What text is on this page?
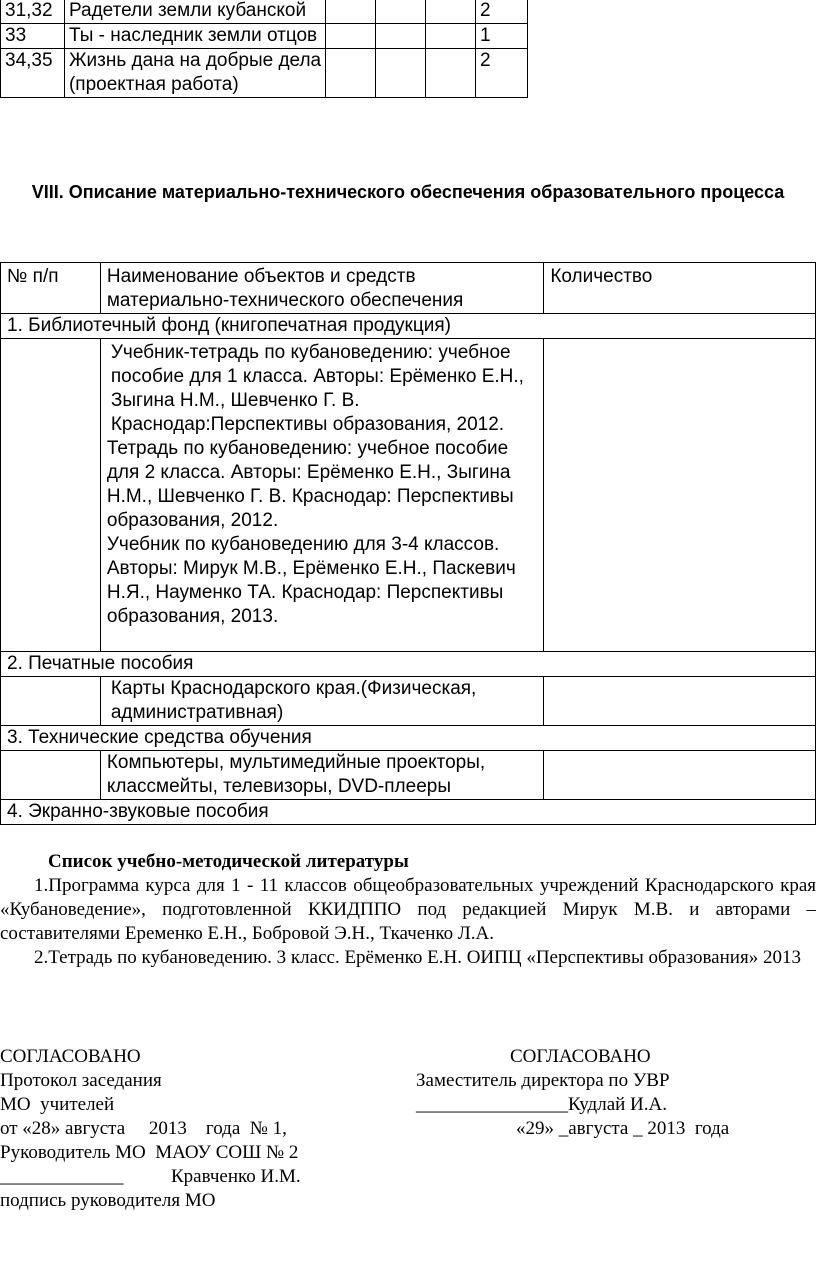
31,32	Радетели земли кубанской				2
33	Ты - наследник земли отцов				1
34,35	Жизнь дана на добрые дела (проектная работа)				2
VIII. Описание материально-технического обеспечения образовательного процесса
№ п/п	Наименование объектов и средств материально-технического обеспечения	Количество
1. Библиотечный фонд (книгопечатная продукция)		

	Учебник-тетрадь по кубановедению: учебное пособие для 1 класса. Авторы: Ерёменко Е.Н., Зыгина Н.М., Шевченко Г. В. Краснодар:Перспективы образования, 2012.
Тетрадь по кубановедению: учебное пособие для 2 класса. Авторы: Ерёменко Е.Н., Зыгина Н.М., Шевченко Г. В. Краснодар: Перспективы образования, 2012.
Учебник по кубановедению для 3-4 классов. Авторы: Мирук М.В., Ерёменко Е.Н., Паскевич Н.Я., Науменко ТА. Краснодар: Перспективы образования, 2013.	

2. Печатные пособия		

	Карты Краснодарского края.(Физическая, административная)	

3. Технические средства обучения		

	Компьютеры, мультимедийные проекторы, классмейты, телевизоры, DVD-плееры	

4. Экранно-звуковые пособия		
Список учебно-методической литературы
1.Программа курса для 1 - 11 классов общеобразовательных учреждений Краснодарского края «Кубановедение», подготовленной ККИДППО под редакцией Мирук М.В. и авторами – составителями Еременко Е.Н., Бобровой Э.Н., Ткаченко Л.А.
2.Тетрадь по кубановедению. 3 класс. Ерёменко Е.Н. ОИПЦ «Перспективы образования» 2013
СОГЛАСОВАНО
Протокол заседания
МО  учителей
от «28» августа     2013    года  № 1,
Руководитель МО  МАОУ СОШ № 2
_____________          Кравченко И.М.
подпись руководителя МО
СОГЛАСОВАНО
Заместитель директора по УВР
________________Кудлай И.А.
«29» _августа _ 2013  года
